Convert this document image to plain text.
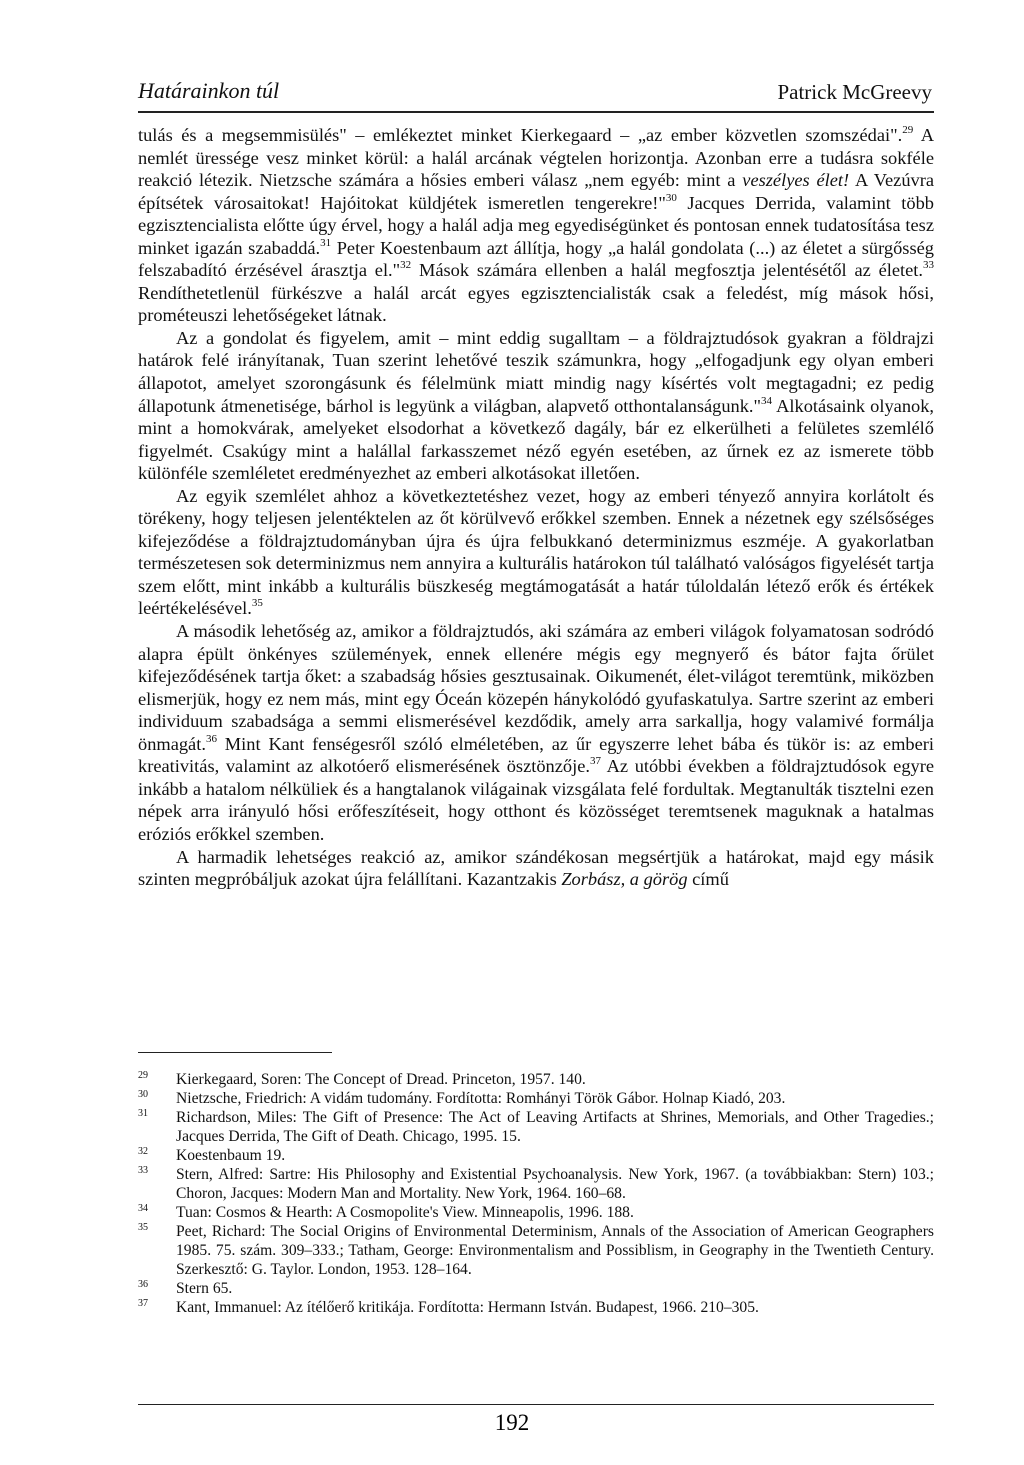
Határainkon túl	Patrick McGreevy

tulás és a megsemmisülés" – emlékeztet minket Kierkegaard – „az ember közvetlen szomszédai".$^{29}$ A nemlét üressége vesz minket körül: a halál arcának végtelen horizontja. Azonban erre a tudásra sokféle reakció létezik. Nietzsche számára a hősies emberi válasz „nem egyéb: mint a veszélyes élet! A Vezúvra építsétek városaitokat! Hajóitokat küldjétek ismeretlen tengerekre!"$^{30}$ Jacques Derrida, valamint több egzisztencialista előtte úgy érvel, hogy a halál adja meg egyediségünket és pontosan ennek tudatosítása tesz minket igazán szabaddá.$^{31}$ Peter Koestenbaum azt állítja, hogy „a halál gondolata (...) az életet a sürgősség felszabadító érzésével árasztja el."$^{32}$ Mások számára ellenben a halál megfosztja jelentésétől az életet.$^{33}$ Rendíthetetlenül fürkészve a halál arcát egyes egzisztencialisták csak a feledést, míg mások hősi, prométeuszi lehetőségeket látnak.

Az a gondolat és figyelem, amit – mint eddig sugalltam – a földrajztudósok gyakran a földrajzi határok felé irányítanak, Tuan szerint lehetővé teszik számunkra, hogy „elfogadjunk egy olyan emberi állapotot, amelyet szorongásunk és félelmünk miatt mindig nagy kísértés volt megtagadni; ez pedig állapotunk átmenetisége, bárhol is legyünk a világban, alapvető otthontalanságunk."$^{34}$ Alkotásaink olyanok, mint a homokvárak, amelyeket elsodorhat a következő dagály, bár ez elkerülheti a felületes szemlélő figyelmét. Csakúgy mint a halállal farkasszemet néző egyén esetében, az űrnek ez az ismerete több különféle szemléletet eredményezhet az emberi alkotásokat illetően.

Az egyik szemlélet ahhoz a következtetéshez vezet, hogy az emberi tényező annyira korlátolt és törékeny, hogy teljesen jelentéktelen az őt körülvevő erőkkel szemben. Ennek a nézetnek egy szélsőséges kifejeződése a földrajztudományban újra és újra felbukkanó determinizmus eszméje. A gyakorlatban természetesen sok determinizmus nem annyira a kulturális határokon túl található valóságos figyelését tartja szem előtt, mint inkább a kulturális büszkeség megtámogatását a határ túloldalán létező erők és értékek leértékelésével.$^{35}$

A második lehetőség az, amikor a földrajztudós, aki számára az emberi világok folyamatosan sodródó alapra épült önkényes szülemények, ennek ellenére mégis egy megnyerő és bátor fajta őrület kifejeződésének tartja őket: a szabadság hősies gesztusainak. Oikumenét, élet-világot teremtünk, miközben elismerjük, hogy ez nem más, mint egy Óceán közepén hánykolódó gyufaskatulya. Sartre szerint az emberi individuum szabadsága a semmi elismerésével kezdődik, amely arra sarkallja, hogy valamivé formálja önmagát.$^{36}$ Mint Kant fenségesről szóló elméletében, az űr egyszerre lehet bába és tükör is: az emberi kreativitás, valamint az alkotóerő elismerésének ösztönzője.$^{37}$ Az utóbbi években a földrajztudósok egyre inkább a hatalom nélküliek és a hangtalanok világainak vizsgálata felé fordultak. Megtanulták tisztelni ezen népek arra irányuló hősi erőfeszítéseit, hogy otthont és közösséget teremtsenek maguknak a hatalmas eróziós erőkkel szemben.

A harmadik lehetséges reakció az, amikor szándékosan megsértjük a határokat, majd egy másik szinten megpróbáljuk azokat újra felállítani. Kazantzakis Zorbász, a görög című

$^{29}$	Kierkegaard, Soren: The Concept of Dread. Princeton, 1957. 140.
$^{30}$	Nietzsche, Friedrich: A vidám tudomány. Fordította: Romhányi Török Gábor. Holnap Kiadó, 203.
$^{31}$	Richardson, Miles: The Gift of Presence: The Act of Leaving Artifacts at Shrines, Memorials, and Other Tragedies.; Jacques Derrida, The Gift of Death. Chicago, 1995. 15.
$^{32}$	Koestenbaum 19.
$^{33}$	Stern, Alfred: Sartre: His Philosophy and Existential Psychoanalysis. New York, 1967. (a továbbiakban: Stern) 103.; Choron, Jacques: Modern Man and Mortality. New York, 1964. 160–68.
$^{34}$	Tuan: Cosmos & Hearth: A Cosmopolite's View. Minneapolis, 1996. 188.
$^{35}$	Peet, Richard: The Social Origins of Environmental Determinism, Annals of the Association of American Geographers 1985. 75. szám. 309–333.; Tatham, George: Environmentalism and Possiblism, in Geography in the Twentieth Century. Szerkesztő: G. Taylor. London, 1953. 128–164.
$^{36}$	Stern 65.
$^{37}$	Kant, Immanuel: Az ítélőerő kritikája. Fordította: Hermann István. Budapest, 1966. 210–305.
192
